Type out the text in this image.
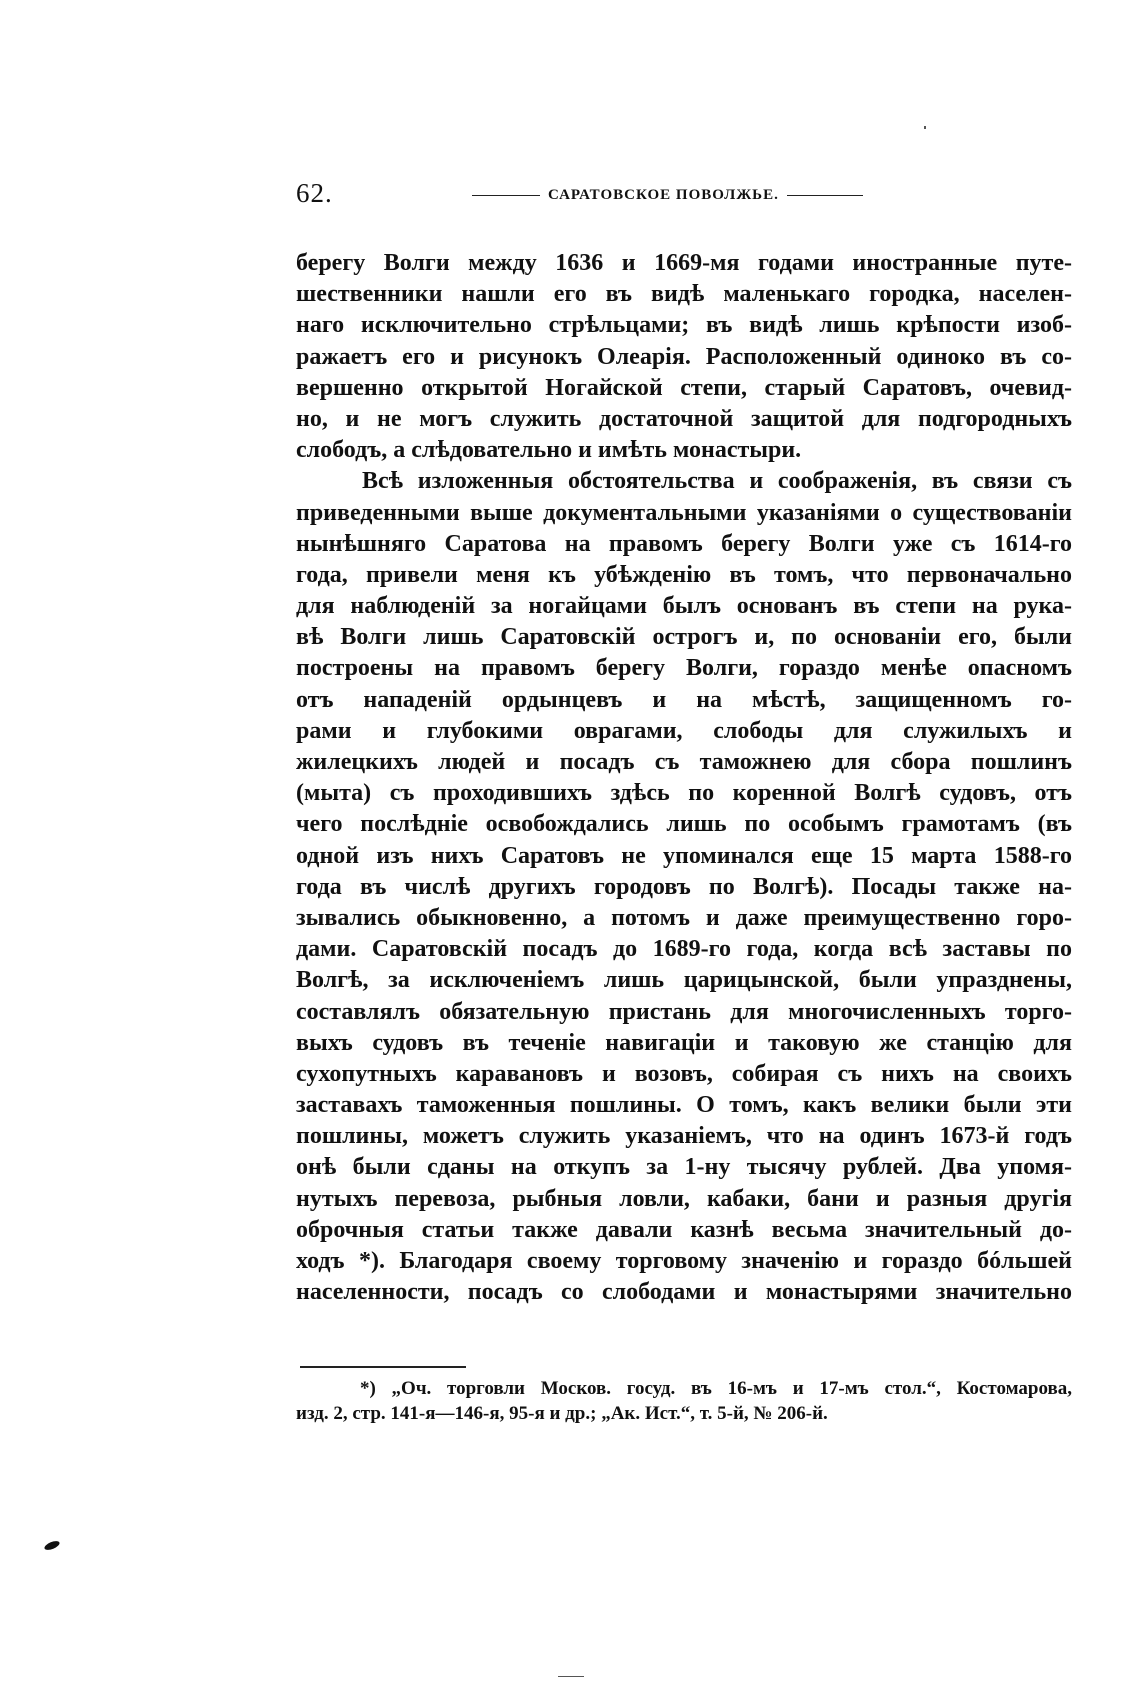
62.	САРАТОВСКОЕ ПОВОЛЖЬЕ.
берегу Волги между 1636 и 1669-мя годами иностранные путе-
шественники нашли его въ видѣ маленькаго городка, населен-
наго исключительно стрѣльцами; въ видѣ лишь крѣпости изоб-
ражаетъ его и рисунокъ Олеарія. Расположенный одиноко въ со-
вершенно открытой Ногайской степи, старый Саратовъ, очевид-
но, и не могъ служить достаточной защитой для подгородныхъ
слободъ, а слѣдовательно и имѣть монастыри.
Всѣ изложенныя обстоятельства и соображенія, въ связи съ
приведенными выше документальными указаніями о существованіи
нынѣшняго Саратова на правомъ берегу Волги уже съ 1614-го
года, привели меня къ убѣжденію въ томъ, что первоначально
для наблюденій за ногайцами былъ основанъ въ степи на рука-
вѣ Волги лишь Саратовскій острогъ и, по основаніи его, были
построены на правомъ берегу Волги, гораздо менѣе опасномъ
отъ нападеній ордынцевъ и на мѣстѣ, защищенномъ го-
рами и глубокими оврагами, слободы для служилыхъ и
жилецкихъ людей и посадъ съ таможнею для сбора пошлинъ
(мыта) съ проходившихъ здѣсь по коренной Волгѣ судовъ, отъ
чего послѣдніе освобождались лишь по особымъ грамотамъ (въ
одной изъ нихъ Саратовъ не упоминался еще 15 марта 1588-го
года въ числѣ другихъ городовъ по Волгѣ). Посады также на-
зывались обыкновенно, а потомъ и даже преимущественно горо-
дами. Саратовскій посадъ до 1689-го года, когда всѣ заставы по
Волгѣ, за исключеніемъ лишь царицынской, были упразднены,
составлялъ обязательную пристань для многочисленныхъ торго-
выхъ судовъ въ теченіе навигаціи и таковую же станцію для
сухопутныхъ каравановъ и возовъ, собирая съ нихъ на своихъ
заставахъ таможенныя пошлины. О томъ, какъ велики были эти
пошлины, можетъ служить указаніемъ, что на одинъ 1673-й годъ
онѣ были сданы на откупъ за 1-ну тысячу рублей. Два упомя-
нутыхъ перевоза, рыбныя ловли, кабаки, бани и разныя другія
оброчныя статьи также давали казнѣ весьма значительный до-
ходъ *). Благодаря своему торговому значенію и гораздо бóльшей
населенности, посадъ со слободами и монастырями значительно
*) „Оч. торговли Москов. госуд. въ 16-мъ и 17-мъ стол.“, Костомарова,
изд. 2, стр. 141-я—146-я, 95-я и др.; „Ак. Ист.“, т. 5-й, № 206-й.
